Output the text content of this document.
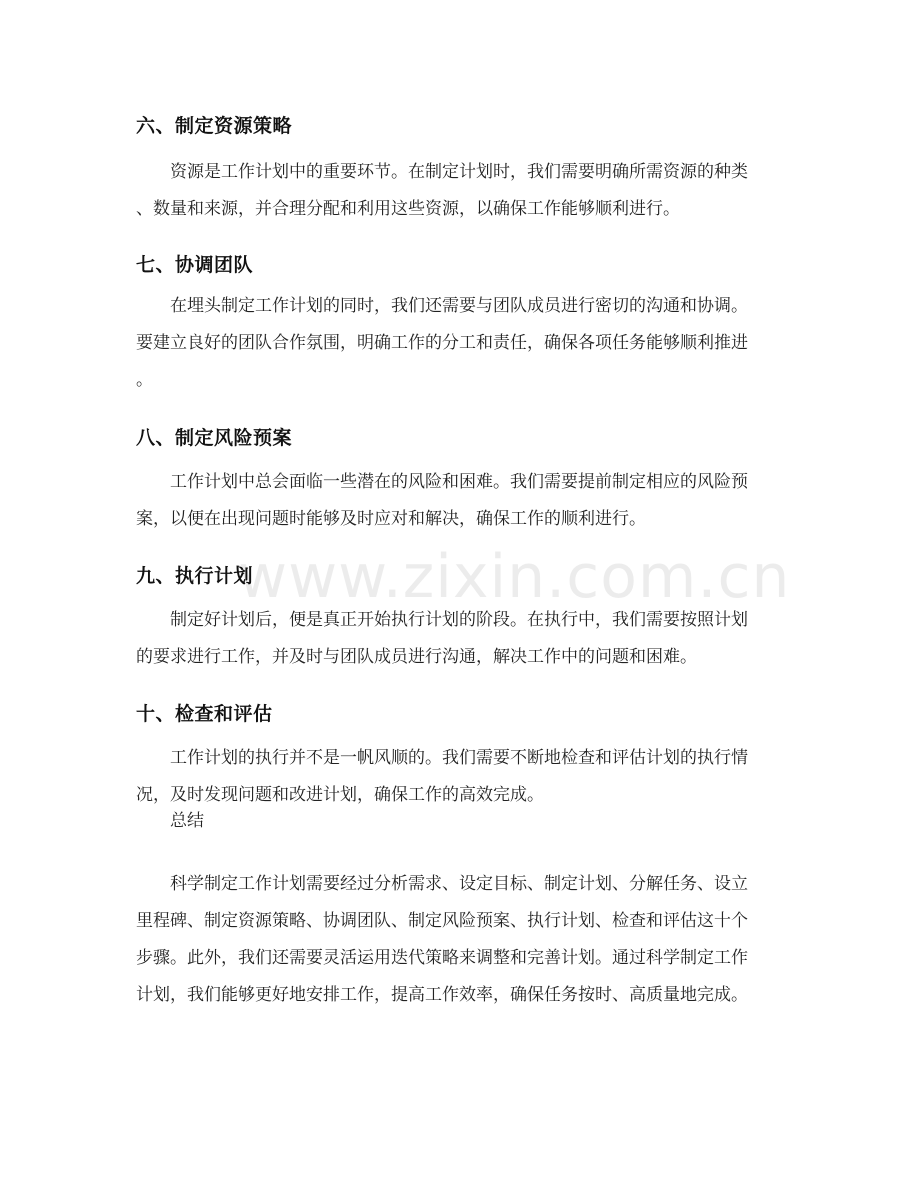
www.zixin.com.cn
六、制定资源策略
资源是工作计划中的重要环节。在制定计划时，我们需要明确所需资源的种类
、数量和来源，并合理分配和利用这些资源，以确保工作能够顺利进行。
七、协调团队
在埋头制定工作计划的同时，我们还需要与团队成员进行密切的沟通和协调。
要建立良好的团队合作氛围，明确工作的分工和责任，确保各项任务能够顺利推进
。
八、制定风险预案
工作计划中总会面临一些潜在的风险和困难。我们需要提前制定相应的风险预
案，以便在出现问题时能够及时应对和解决，确保工作的顺利进行。
九、执行计划
制定好计划后，便是真正开始执行计划的阶段。在执行中，我们需要按照计划
的要求进行工作，并及时与团队成员进行沟通，解决工作中的问题和困难。
十、检查和评估
工作计划的执行并不是一帆风顺的。我们需要不断地检查和评估计划的执行情
况，及时发现问题和改进计划，确保工作的高效完成。
总结
科学制定工作计划需要经过分析需求、设定目标、制定计划、分解任务、设立
里程碑、制定资源策略、协调团队、制定风险预案、执行计划、检查和评估这十个
步骤。此外，我们还需要灵活运用迭代策略来调整和完善计划。通过科学制定工作
计划，我们能够更好地安排工作，提高工作效率，确保任务按时、高质量地完成。
